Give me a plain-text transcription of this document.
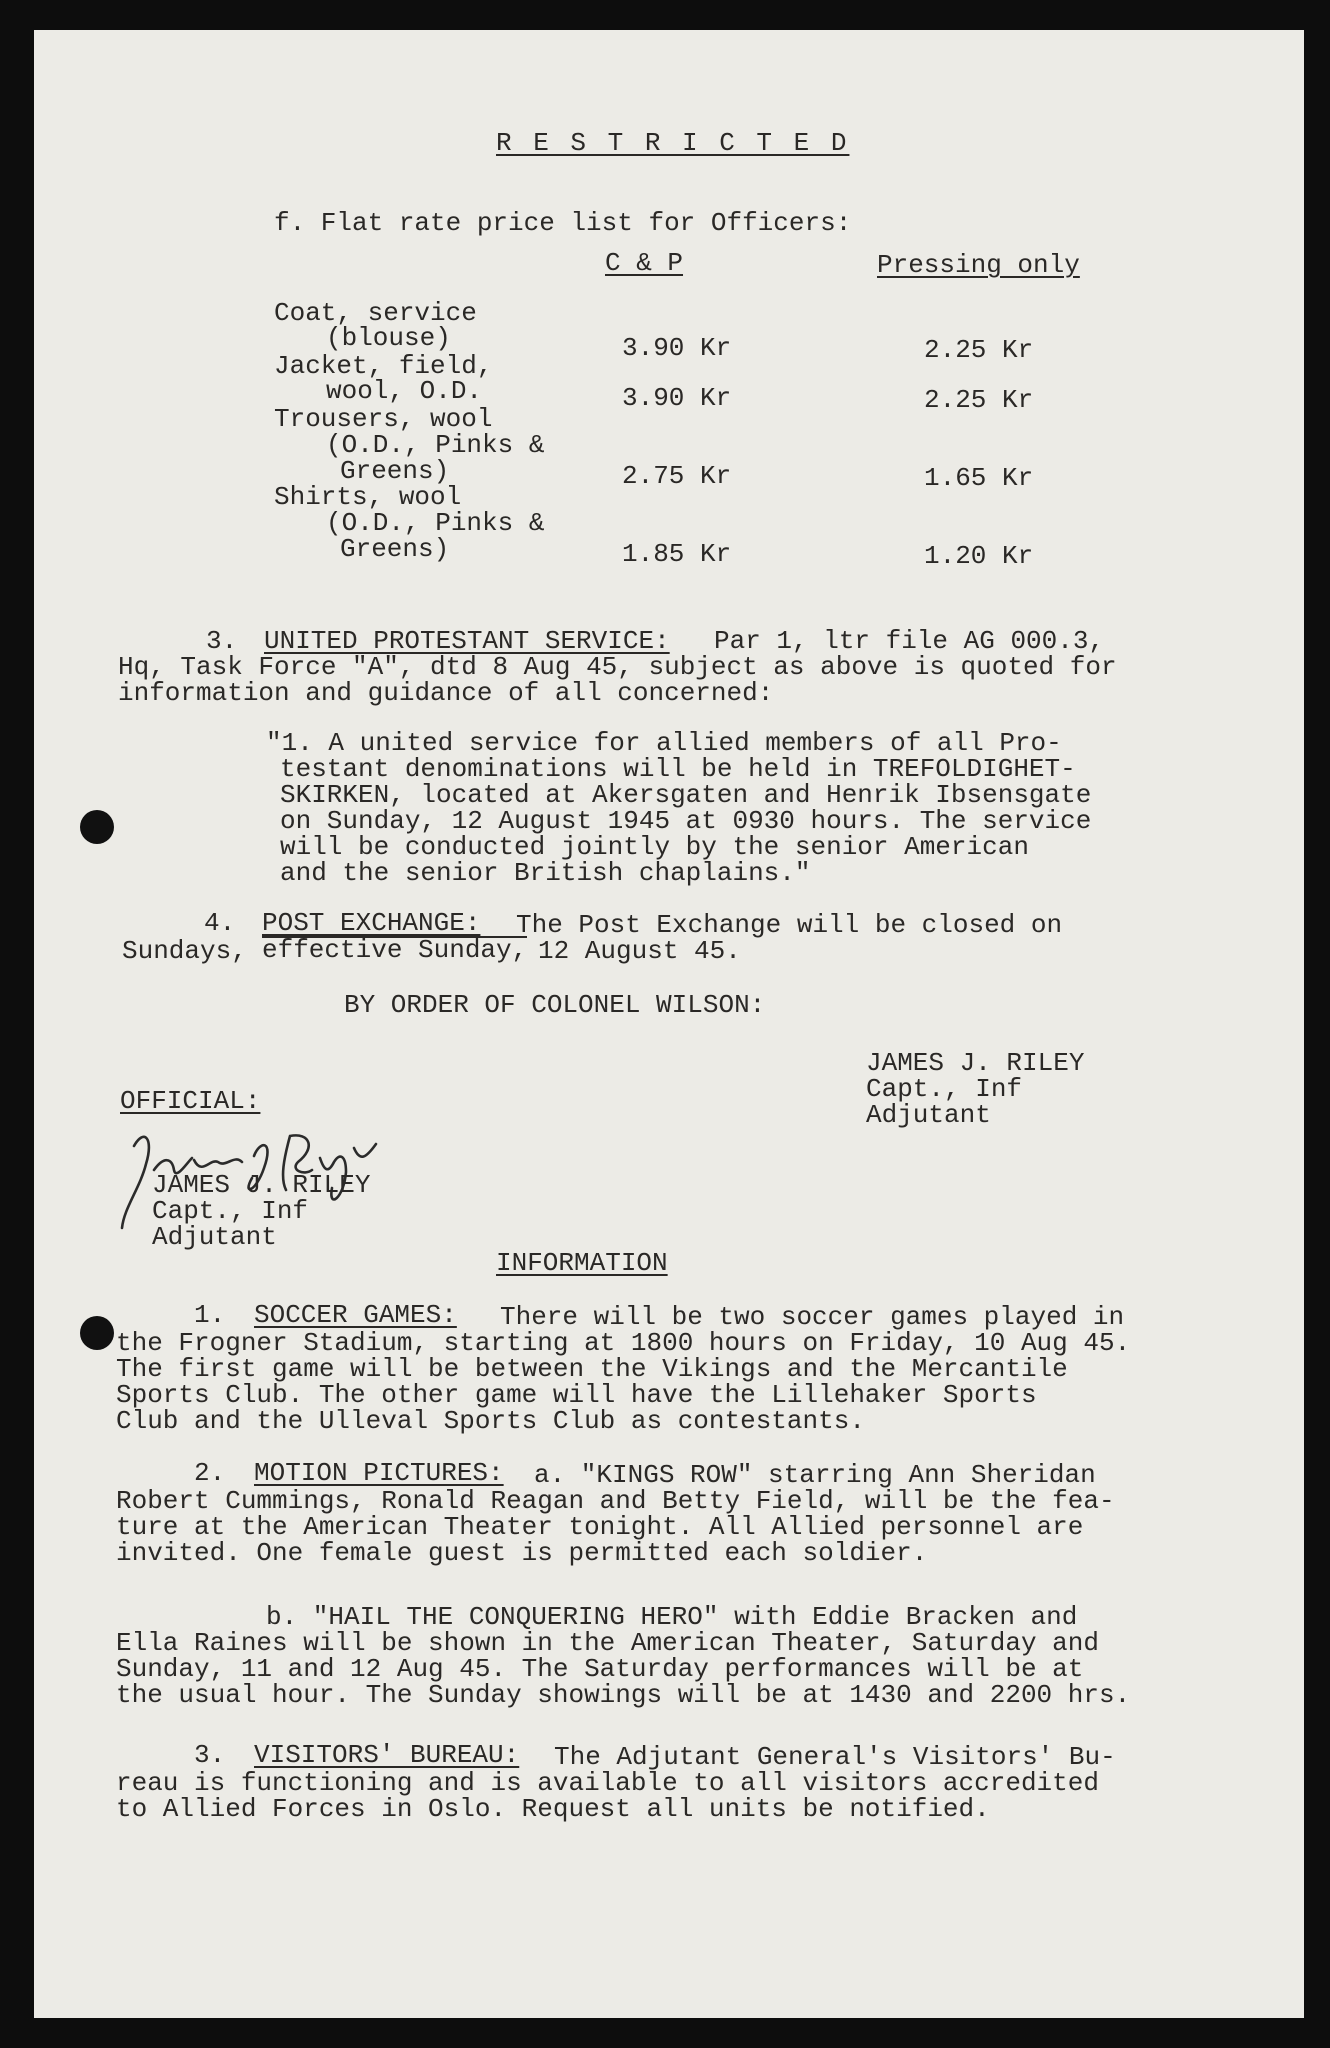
R E S T R I C T E D
f. Flat rate price list for Officers:
C & P	Pressing only
Coat, service
(blouse)	3.90 Kr	2.25 Kr
Jacket, field,
wool, O.D.	3.90 Kr	2.25 Kr
Trousers, wool
(O.D., Pinks &
Greens)	2.75 Kr	1.65 Kr
Shirts, wool
(O.D., Pinks &
Greens)	1.85 Kr	1.20 Kr
3. UNITED PROTESTANT SERVICE: Par 1, ltr file AG 000.3,
Hq, Task Force "A", dtd 8 Aug 45, subject as above is quoted for
information and guidance of all concerned:
"1. A united service for allied members of all Pro-
testant denominations will be held in TREFOLDIGHET-
SKIRKEN, located at Akersgaten and Henrik Ibsensgate
on Sunday, 12 August 1945 at 0930 hours. The service
will be conducted jointly by the senior American
and the senior British chaplains."
4. POST EXCHANGE: The Post Exchange will be closed on
Sundays, effective Sunday, 12 August 45.
BY ORDER OF COLONEL WILSON:
JAMES J. RILEY
Capt., Inf
Adjutant
OFFICIAL:
JAMES J. RILEY
Capt., Inf
Adjutant
INFORMATION
1. SOCCER GAMES: There will be two soccer games played in
the Frogner Stadium, starting at 1800 hours on Friday, 10 Aug 45.
The first game will be between the Vikings and the Mercantile
Sports Club. The other game will have the Lillehaker Sports
Club and the Ulleval Sports Club as contestants.
2. MOTION PICTURES: a. "KINGS ROW" starring Ann Sheridan
Robert Cummings, Ronald Reagan and Betty Field, will be the fea-
ture at the American Theater tonight. All Allied personnel are
invited. One female guest is permitted each soldier.
b. "HAIL THE CONQUERING HERO" with Eddie Bracken and
Ella Raines will be shown in the American Theater, Saturday and
Sunday, 11 and 12 Aug 45. The Saturday performances will be at
the usual hour. The Sunday showings will be at 1430 and 2200 hrs.
3. VISITORS' BUREAU: The Adjutant General's Visitors' Bu-
reau is functioning and is available to all visitors accredited
to Allied Forces in Oslo. Request all units be notified.
